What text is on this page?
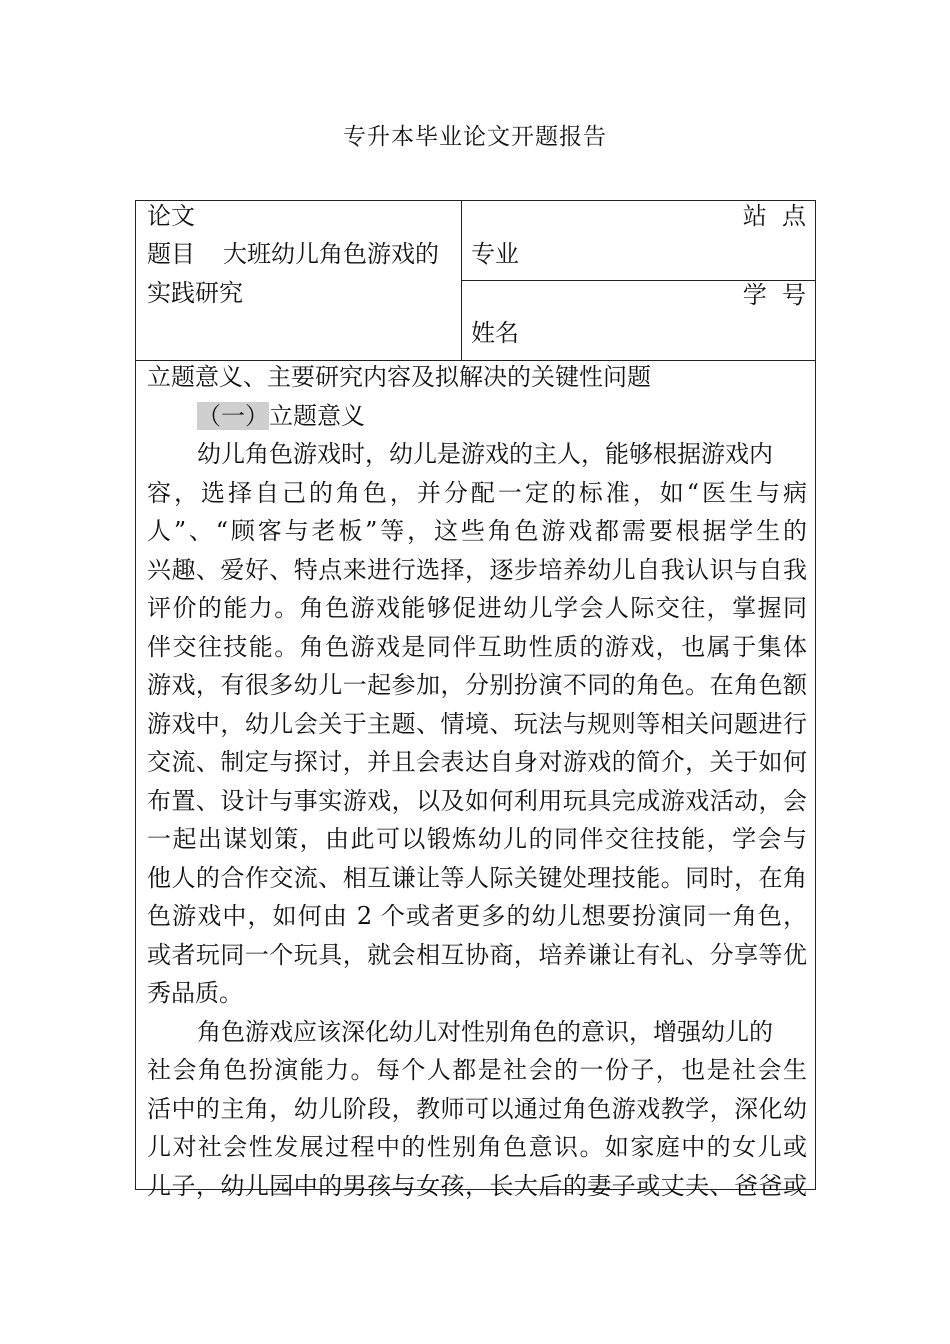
专升本毕业论文开题报告
论文
题目 大班幼儿角色游戏的
实践研究
站  点
专业
学  号
姓名
立题意义、主要研究内容及拟解决的关键性问题
（一）立题意义
幼儿角色游戏时，幼儿是游戏的主人，能够根据游戏内
容，选择自己的角色，并分配一定的标准，如“医生与病
人”、“顾客与老板”等，这些角色游戏都需要根据学生的
兴趣、爱好、特点来进行选择，逐步培养幼儿自我认识与自我
评价的能力。角色游戏能够促进幼儿学会人际交往，掌握同
伴交往技能。角色游戏是同伴互助性质的游戏，也属于集体
游戏，有很多幼儿一起参加，分别扮演不同的角色。在角色额
游戏中，幼儿会关于主题、情境、玩法与规则等相关问题进行
交流、制定与探讨，并且会表达自身对游戏的简介，关于如何
布置、设计与事实游戏，以及如何利用玩具完成游戏活动，会
一起出谋划策，由此可以锻炼幼儿的同伴交往技能，学会与
他人的合作交流、相互谦让等人际关键处理技能。同时，在角
色游戏中，如何由 2 个或者更多的幼儿想要扮演同一角色，
或者玩同一个玩具，就会相互协商，培养谦让有礼、分享等优
秀品质。
角色游戏应该深化幼儿对性别角色的意识，增强幼儿的
社会角色扮演能力。每个人都是社会的一份子，也是社会生
活中的主角，幼儿阶段，教师可以通过角色游戏教学，深化幼
儿对社会性发展过程中的性别角色意识。如家庭中的女儿或
儿子，幼儿园中的男孩与女孩，长大后的妻子或丈夫、爸爸或
